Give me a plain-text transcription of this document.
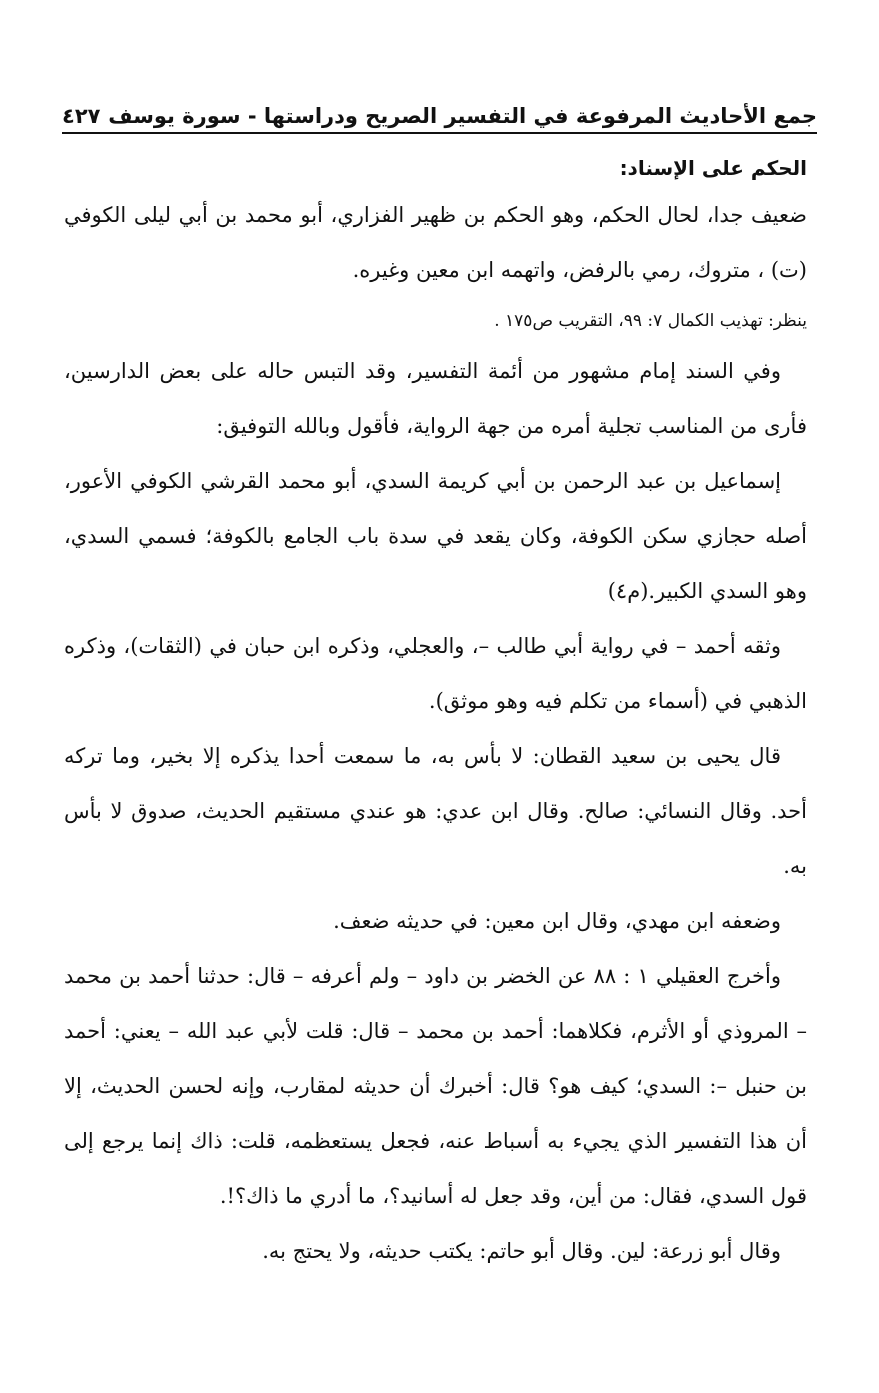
جمع الأحاديث المرفوعة في التفسير الصريح ودراستها - سورة يوسف
٤٢٧

الحكم على الإسناد:

ضعيف جدا، لحال الحكم، وهو الحكم بن ظهير الفزاري، أبو محمد بن أبي ليلى الكوفي (ت) ، متروك، رمي بالرفض، واتهمه ابن معين وغيره.

ينظر: تهذيب الكمال ٧: ٩٩، التقريب ص١٧٥ .

وفي السند إمام مشهور من أئمة التفسير، وقد التبس حاله على بعض الدارسين، فأرى من المناسب تجلية أمره من جهة الرواية، فأقول وبالله التوفيق:

إسماعيل بن عبد الرحمن بن أبي كريمة السدي، أبو محمد القرشي الكوفي الأعور، أصله حجازي سكن الكوفة، وكان يقعد في سدة باب الجامع بالكوفة؛ فسمي السدي، وهو السدي الكبير.(م٤)

وثقه أحمد – في رواية أبي طالب –، والعجلي، وذكره ابن حبان في (الثقات)، وذكره الذهبي في (أسماء من تكلم فيه وهو موثق).

قال يحيى بن سعيد القطان: لا بأس به، ما سمعت أحدا يذكره إلا بخير، وما تركه أحد. وقال النسائي: صالح. وقال ابن عدي: هو عندي مستقيم الحديث، صدوق لا بأس به.

وضعفه ابن مهدي، وقال ابن معين: في حديثه ضعف.

وأخرج العقيلي ١ : ٨٨ عن الخضر بن داود – ولم أعرفه – قال: حدثنا أحمد بن محمد – المروذي أو الأثرم، فكلاهما: أحمد بن محمد – قال: قلت لأبي عبد الله – يعني: أحمد بن حنبل –: السدي؛ كيف هو؟ قال: أخبرك أن حديثه لمقارب، وإنه لحسن الحديث، إلا أن هذا التفسير الذي يجيء به أسباط عنه، فجعل يستعظمه، قلت: ذاك إنما يرجع إلى قول السدي، فقال: من أين، وقد جعل له أسانيد؟، ما أدري ما ذاك؟!.

وقال أبو زرعة: لين. وقال أبو حاتم: يكتب حديثه، ولا يحتج به.
